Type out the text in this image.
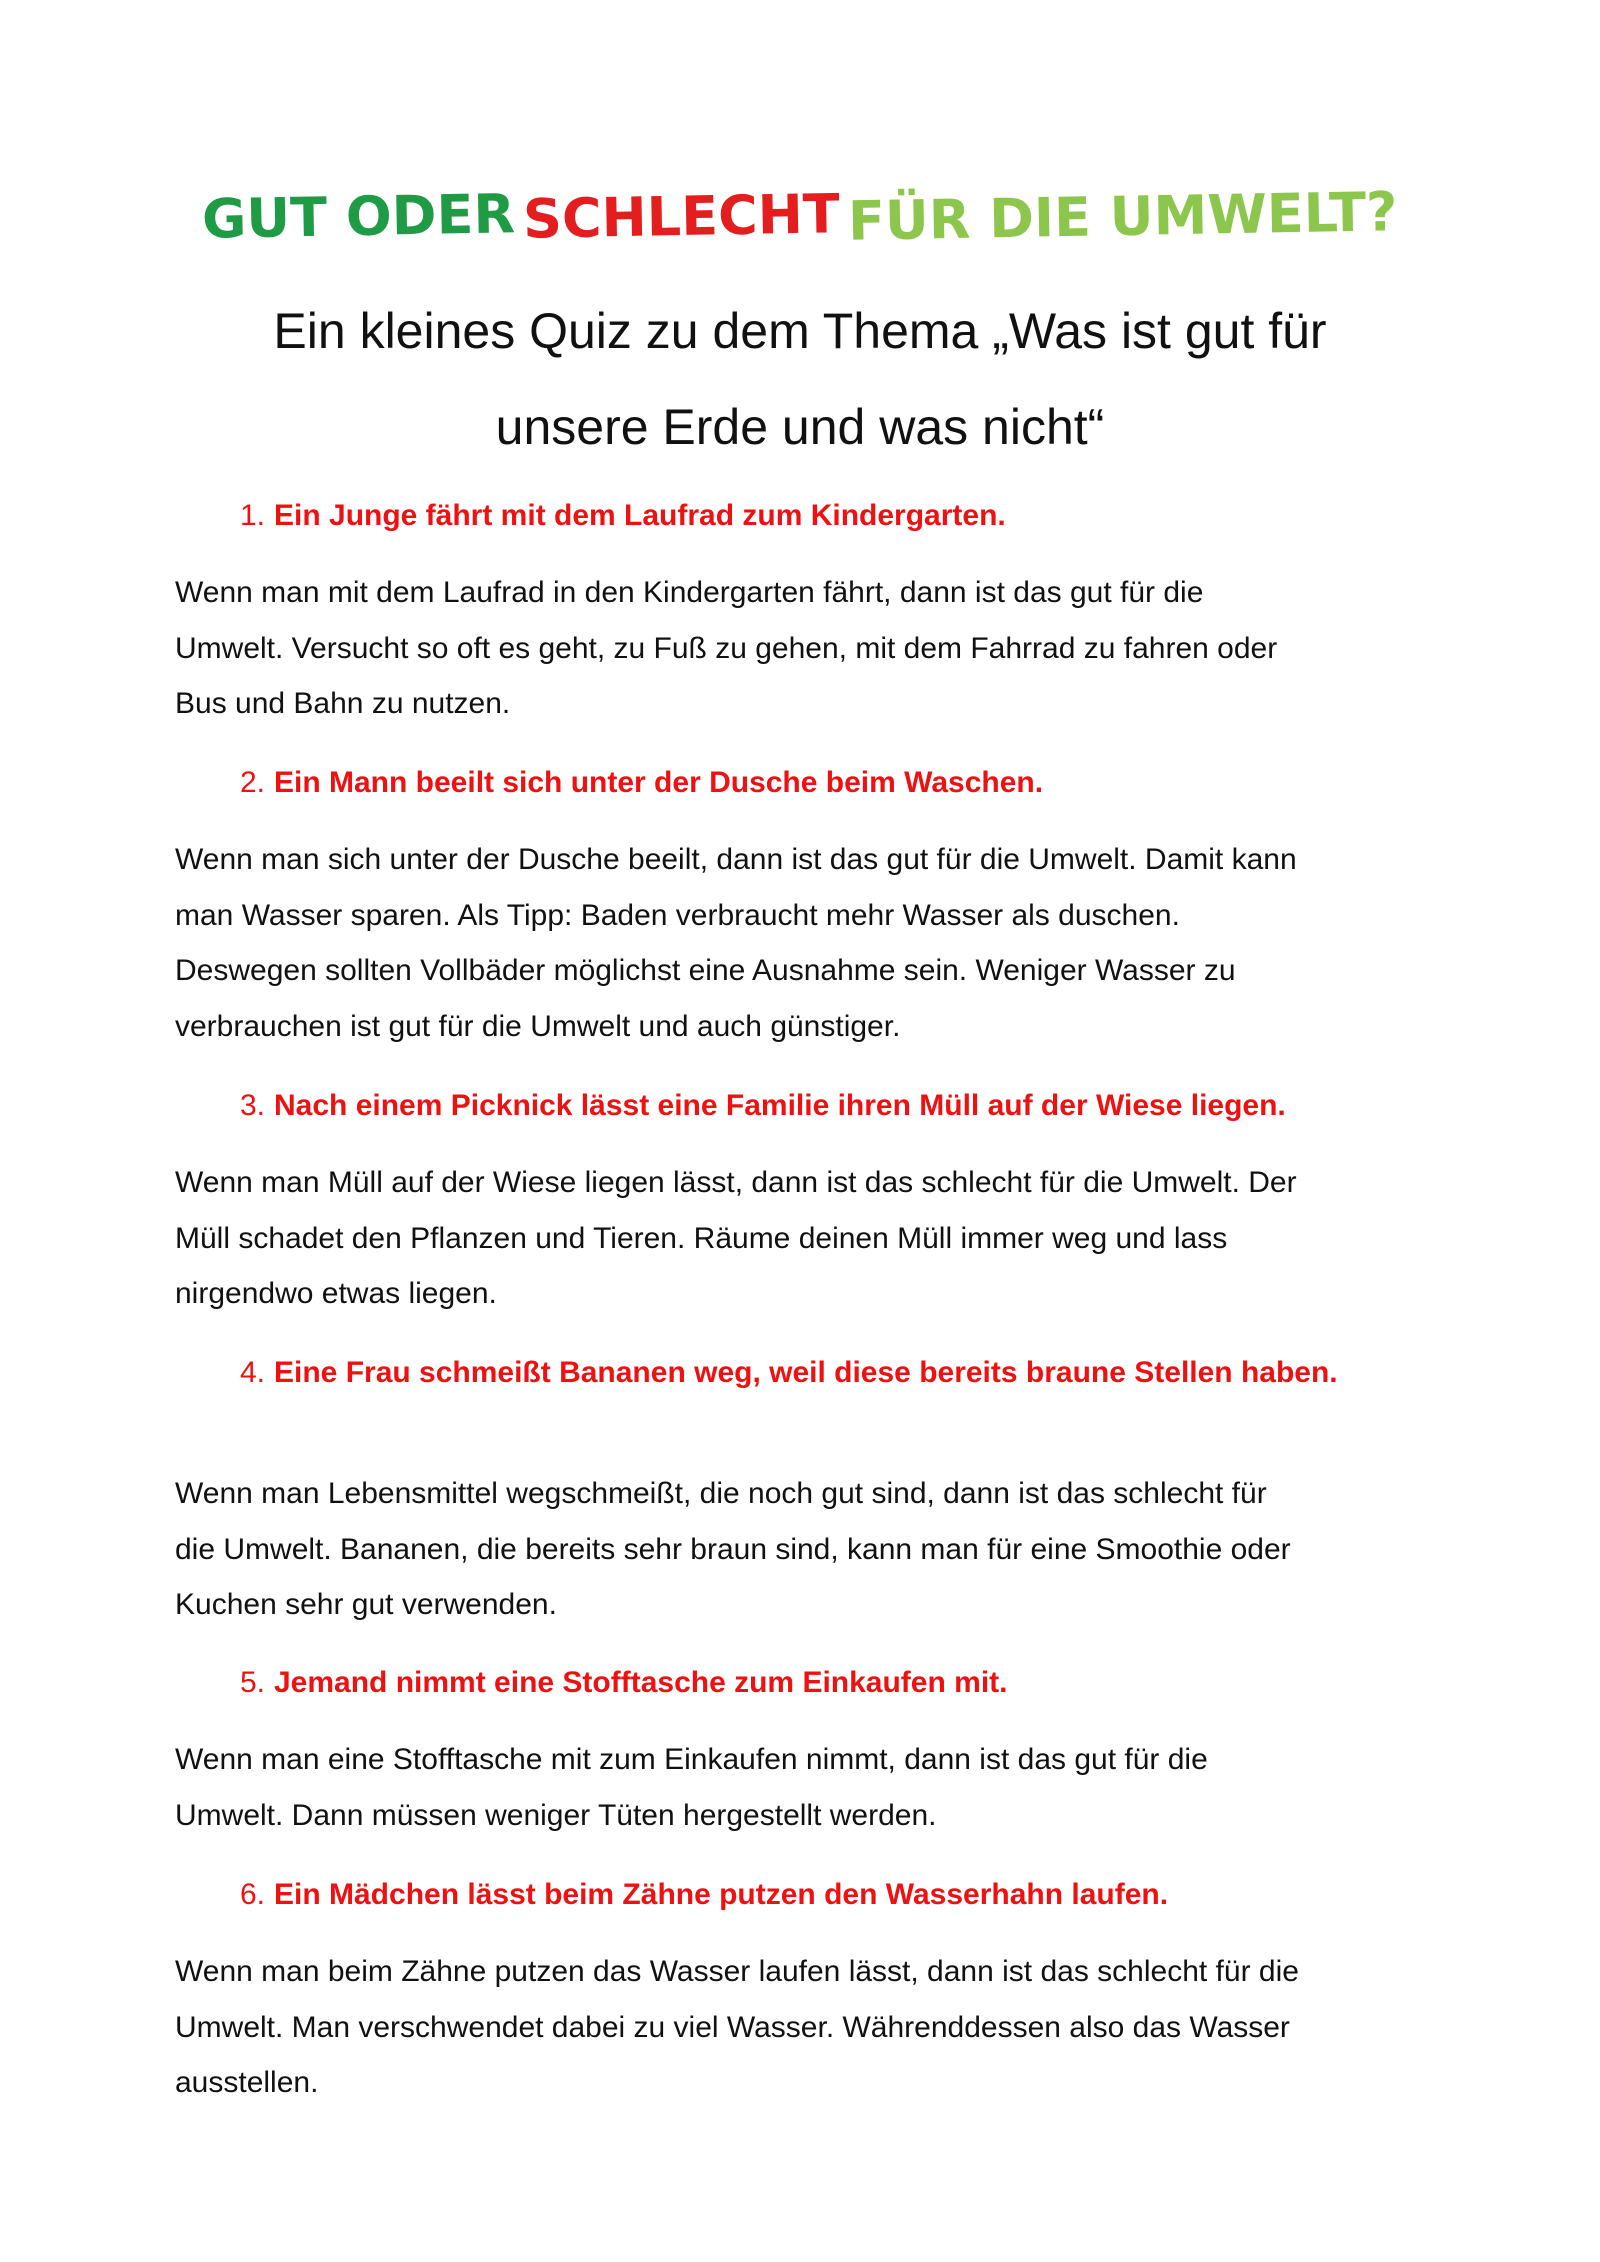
GUT ODER SCHLECHT FÜR DIE UMWELT?
Ein kleines Quiz zu dem Thema „Was ist gut für
unsere Erde und was nicht“
1. Ein Junge fährt mit dem Laufrad zum Kindergarten.
Wenn man mit dem Laufrad in den Kindergarten fährt, dann ist das gut für die
Umwelt. Versucht so oft es geht, zu Fuß zu gehen, mit dem Fahrrad zu fahren oder
Bus und Bahn zu nutzen.
2. Ein Mann beeilt sich unter der Dusche beim Waschen.
Wenn man sich unter der Dusche beeilt, dann ist das gut für die Umwelt. Damit kann
man Wasser sparen. Als Tipp: Baden verbraucht mehr Wasser als duschen.
Deswegen sollten Vollbäder möglichst eine Ausnahme sein. Weniger Wasser zu
verbrauchen ist gut für die Umwelt und auch günstiger.
3. Nach einem Picknick lässt eine Familie ihren Müll auf der Wiese liegen.
Wenn man Müll auf der Wiese liegen lässt, dann ist das schlecht für die Umwelt. Der
Müll schadet den Pflanzen und Tieren. Räume deinen Müll immer weg und lass
nirgendwo etwas liegen.
4. Eine Frau schmeißt Bananen weg, weil diese bereits braune Stellen haben.
Wenn man Lebensmittel wegschmeißt, die noch gut sind, dann ist das schlecht für
die Umwelt. Bananen, die bereits sehr braun sind, kann man für eine Smoothie oder
Kuchen sehr gut verwenden.
5. Jemand nimmt eine Stofftasche zum Einkaufen mit.
Wenn man eine Stofftasche mit zum Einkaufen nimmt, dann ist das gut für die
Umwelt. Dann müssen weniger Tüten hergestellt werden.
6. Ein Mädchen lässt beim Zähne putzen den Wasserhahn laufen.
Wenn man beim Zähne putzen das Wasser laufen lässt, dann ist das schlecht für die
Umwelt. Man verschwendet dabei zu viel Wasser. Währenddessen also das Wasser
ausstellen.
